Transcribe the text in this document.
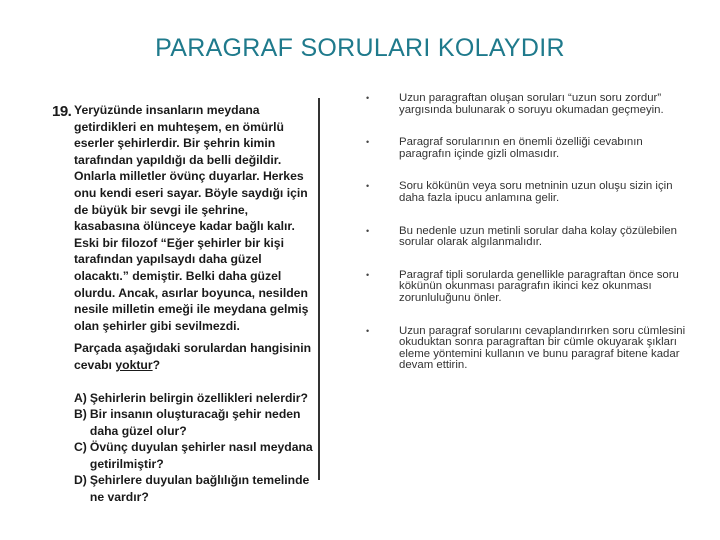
PARAGRAF SORULARI KOLAYDIR
19. Yeryüzünde insanların meydana getirdikleri en muhteşem, en ömürlü eserler şehirlerdir. Bir şehrin kimin tarafından yapıldığı da belli değildir. Onlarla milletler övünç duyarlar. Herkes onu kendi eseri sayar. Böyle saydığı için de büyük bir sevgi ile şehrine, kasabasına ölünceye kadar bağlı kalır. Eski bir filozof “Eğer şehirler bir kişi tarafından yapılsaydı daha güzel olacaktı.” demiştir. Belki daha güzel olurdu. Ancak, asırlar boyunca, nesilden nesile milletin emeği ile meydana gelmiş olan şehirler gibi sevilmezdi.

Parçada aşağıdaki sorulardan hangisinin cevabı yoktur?

A) Şehirlerin belirgin özellikleri nelerdir?
B) Bir insanın oluşturacağı şehir neden daha güzel olur?
C) Övünç duyulan şehirler nasıl meydana getirilmiştir?
D) Şehirlere duyulan bağlılığın temelinde ne vardır?
•	Uzun paragraftan oluşan soruları “uzun soru zordur” yargısında bulunarak o soruyu okumadan geçmeyin.
•	Paragraf sorularının en önemli özelliği cevabının paragrafın içinde gizli olmasıdır.
•	Soru kökünün veya soru metninin uzun oluşu sizin için daha fazla ipucu anlamına gelir.
•	Bu nedenle uzun metinli sorular daha kolay çözülebilen sorular olarak algılanmalıdır.
•	Paragraf tipli sorularda genellikle paragraftan önce soru kökünün okunması paragrafın ikinci kez okunması zorunluluğunu önler.
•	Uzun paragraf sorularını cevaplandırırken soru cümlesini okuduktan sonra paragraftan bir cümle okuyarak şıkları eleme yöntemini kullanın ve bunu paragraf bitene kadar devam ettirin.
